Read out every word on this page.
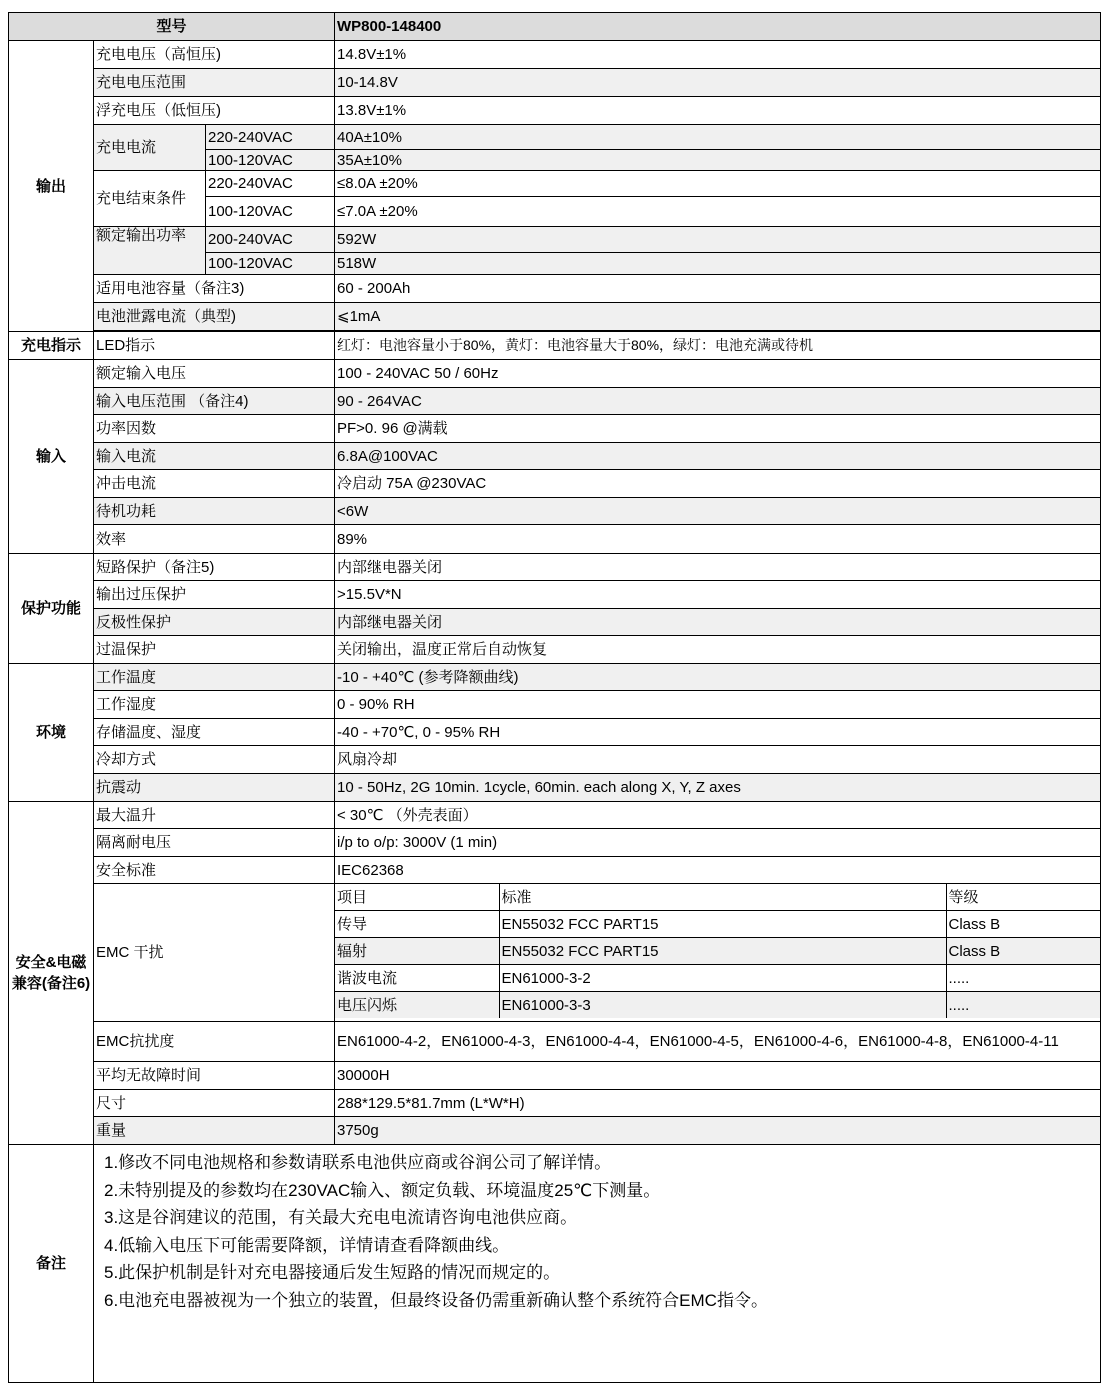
型号	WP800-148400
输出	充电电压（高恒压)	14.8V±1%
充电电压范围	10-14.8V
浮充电压（低恒压)	13.8V±1%
充电电流	220-240VAC	40A±10%
100-120VAC	35A±10%
充电结束条件	220-240VAC	≤8.0A ±20%
100-120VAC	≤7.0A ±20%
额定输出功率	200-240VAC	592W
100-120VAC	518W
适用电池容量（备注3)	60 - 200Ah
电池泄露电流（典型)	⩽1mA

充电指示	LED指示	红灯：电池容量小于80%，黄灯：电池容量大于80%，绿灯：电池充满或待机
输入	额定输入电压	100 - 240VAC 50 / 60Hz
输入电压范围 （备注4)	90 - 264VAC
功率因数	PF>0. 96 @满载
输入电流	6.8A@100VAC
冲击电流	冷启动 75A @230VAC
待机功耗	<6W
效率	89%
保护功能	短路保护（备注5)	内部继电器关闭
输出过压保护	>15.5V*N
反极性保护	内部继电器关闭
过温保护	关闭输出，温度正常后自动恢复
环境	工作温度	-10 - +40℃ (参考降额曲线)
工作湿度	0 - 90% RH
存储温度、湿度	-40 - +70℃, 0 - 95% RH
冷却方式	风扇冷却
抗震动	10 - 50Hz, 2G 10min. 1cycle, 60min. each along X, Y, Z axes
安全&电磁兼容(备注6)	最大温升	< 30℃ （外壳表面）
隔离耐电压	i/p to o/p: 3000V (1 min)
安全标准	IEC62368
EMC 干扰	
项目	标准	等级
传导	EN55032 FCC PART15	Class B
辐射	EN55032 FCC PART15	Class B
谐波电流	EN61000-3-2	.....
电压闪烁	EN61000-3-3	.....

EMC抗扰度	EN61000-4-2，EN61000-4-3，EN61000-4-4，EN61000-4-5，EN61000-4-6，EN61000-4-8，EN61000-4-11
平均无故障时间	30000H
尺寸	288*129.5*81.7mm (L*W*H)
重量	3750g
备注	
1.修改不同电池规格和参数请联系电池供应商或谷润公司了解详情。
2.未特别提及的参数均在230VAC输入、额定负载、环境温度25℃下测量。
3.这是谷润建议的范围，有关最大充电电流请咨询电池供应商。
4.低输入电压下可能需要降额，详情请查看降额曲线。
5.此保护机制是针对充电器接通后发生短路的情况而规定的。
6.电池充电器被视为一个独立的装置，但最终设备仍需重新确认整个系统符合EMC指令。
